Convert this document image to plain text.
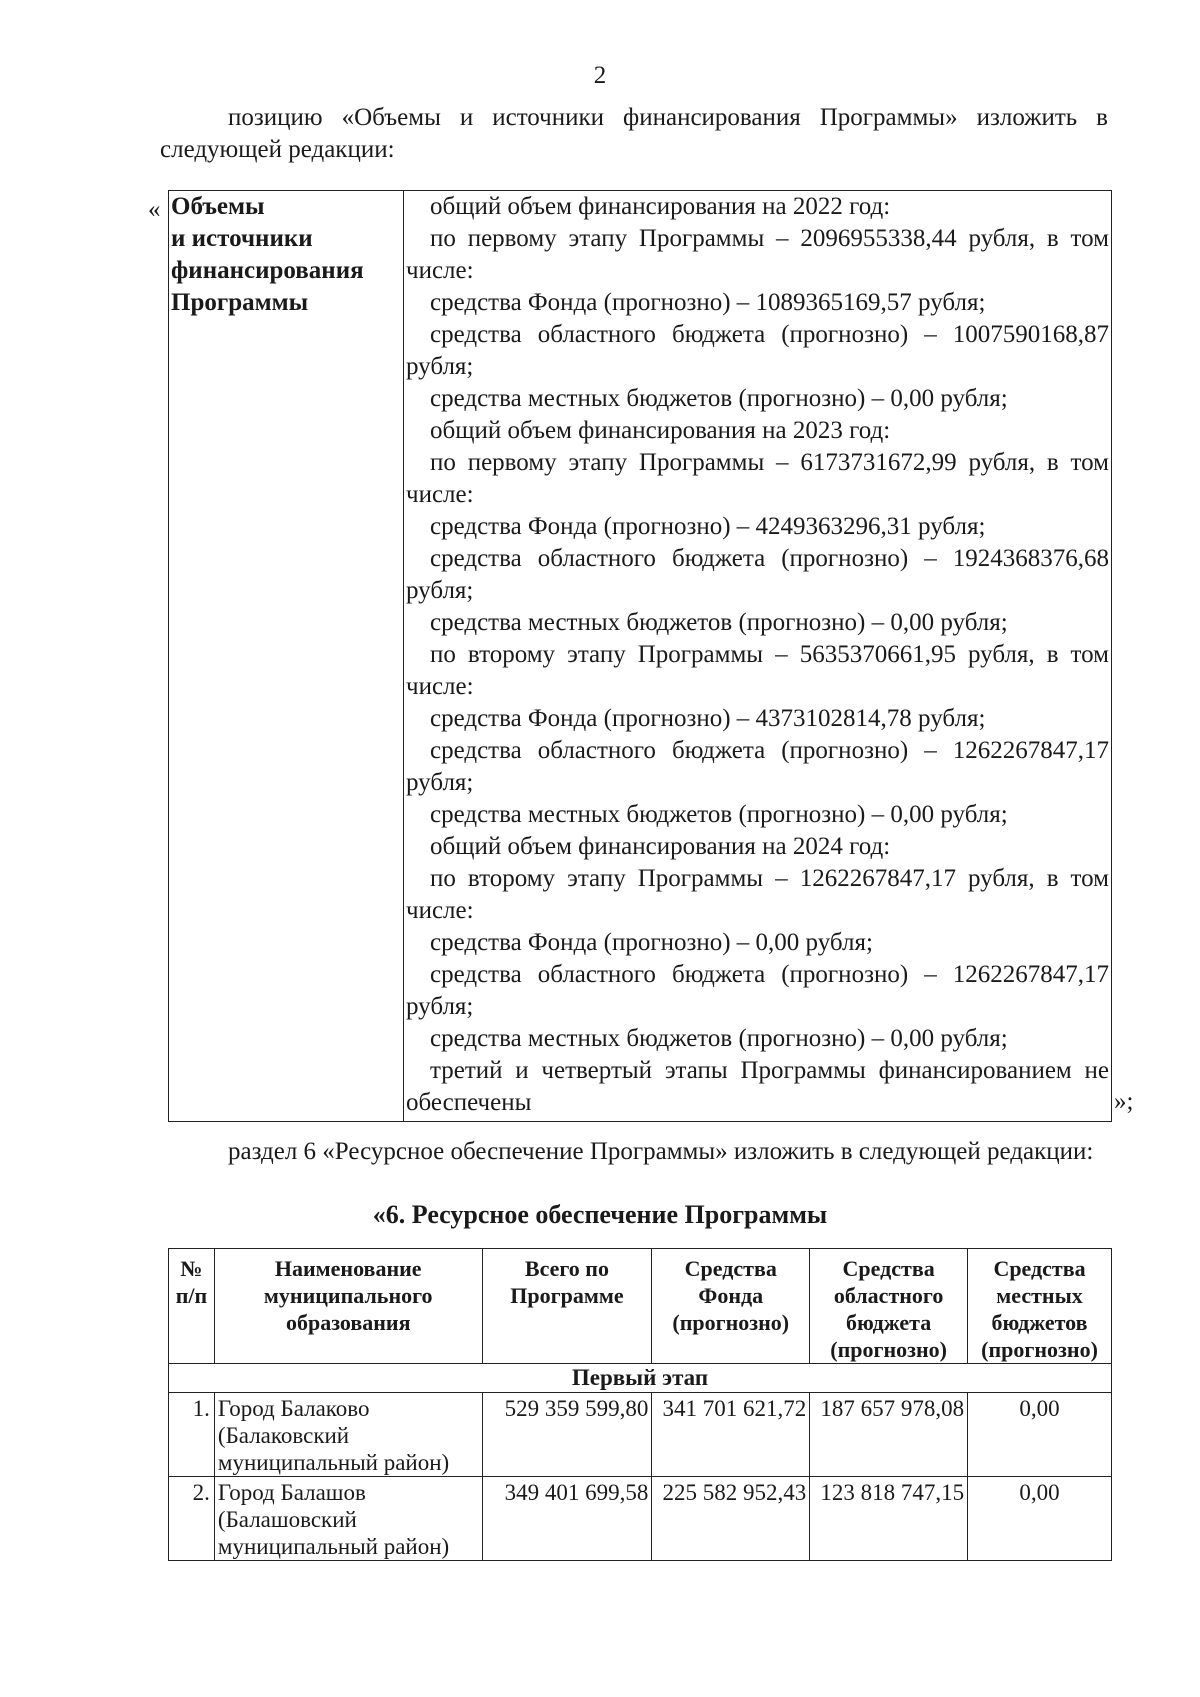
2

позицию «Объемы и источники финансирования Программы» изложить в следующей редакции:

« Объемы
и источники
финансирования
Программы

общий объем финансирования на 2022 год:

по первому этапу Программы – 2096955338,44 рубля, в том числе:

средства Фонда (прогнозно) – 1089365169,57 рубля;

средства областного бюджета (прогнозно) – 1007590168,87 рубля;

средства местных бюджетов (прогнозно) – 0,00 рубля;

общий объем финансирования на 2023 год:

по первому этапу Программы – 6173731672,99 рубля, в том числе:

средства Фонда (прогнозно) – 4249363296,31 рубля;

средства областного бюджета (прогнозно) – 1924368376,68 рубля;

средства местных бюджетов (прогнозно) – 0,00 рубля;

по второму этапу Программы – 5635370661,95 рубля, в том числе:

средства Фонда (прогнозно) – 4373102814,78 рубля;

средства областного бюджета (прогнозно) – 1262267847,17 рубля;

средства местных бюджетов (прогнозно) – 0,00 рубля;

общий объем финансирования на 2024 год:

по второму этапу Программы – 1262267847,17 рубля, в том числе:

средства Фонда (прогнозно) – 0,00 рубля;

средства областного бюджета (прогнозно) – 1262267847,17 рубля;

средства местных бюджетов (прогнозно) – 0,00 рубля;

третий и четвертый этапы Программы финансированием не обеспечены	»;

раздел 6 «Ресурсное обеспечение Программы» изложить в следующей редакции:

«6. Ресурсное обеспечение Программы
№ п/п	Наименование муниципального образования	Всего по Программе	Средства Фонда (прогнозно)	Средства областного бюджета (прогнозно)	Средства местных бюджетов (прогнозно)
Первый этап					
1.	Город Балаково (Балаковский муниципальный район)	529 359 599,80	341 701 621,72	187 657 978,08	0,00
2.	Город Балашов (Балашовский муниципальный район)	349 401 699,58	225 582 952,43	123 818 747,15	0,00
